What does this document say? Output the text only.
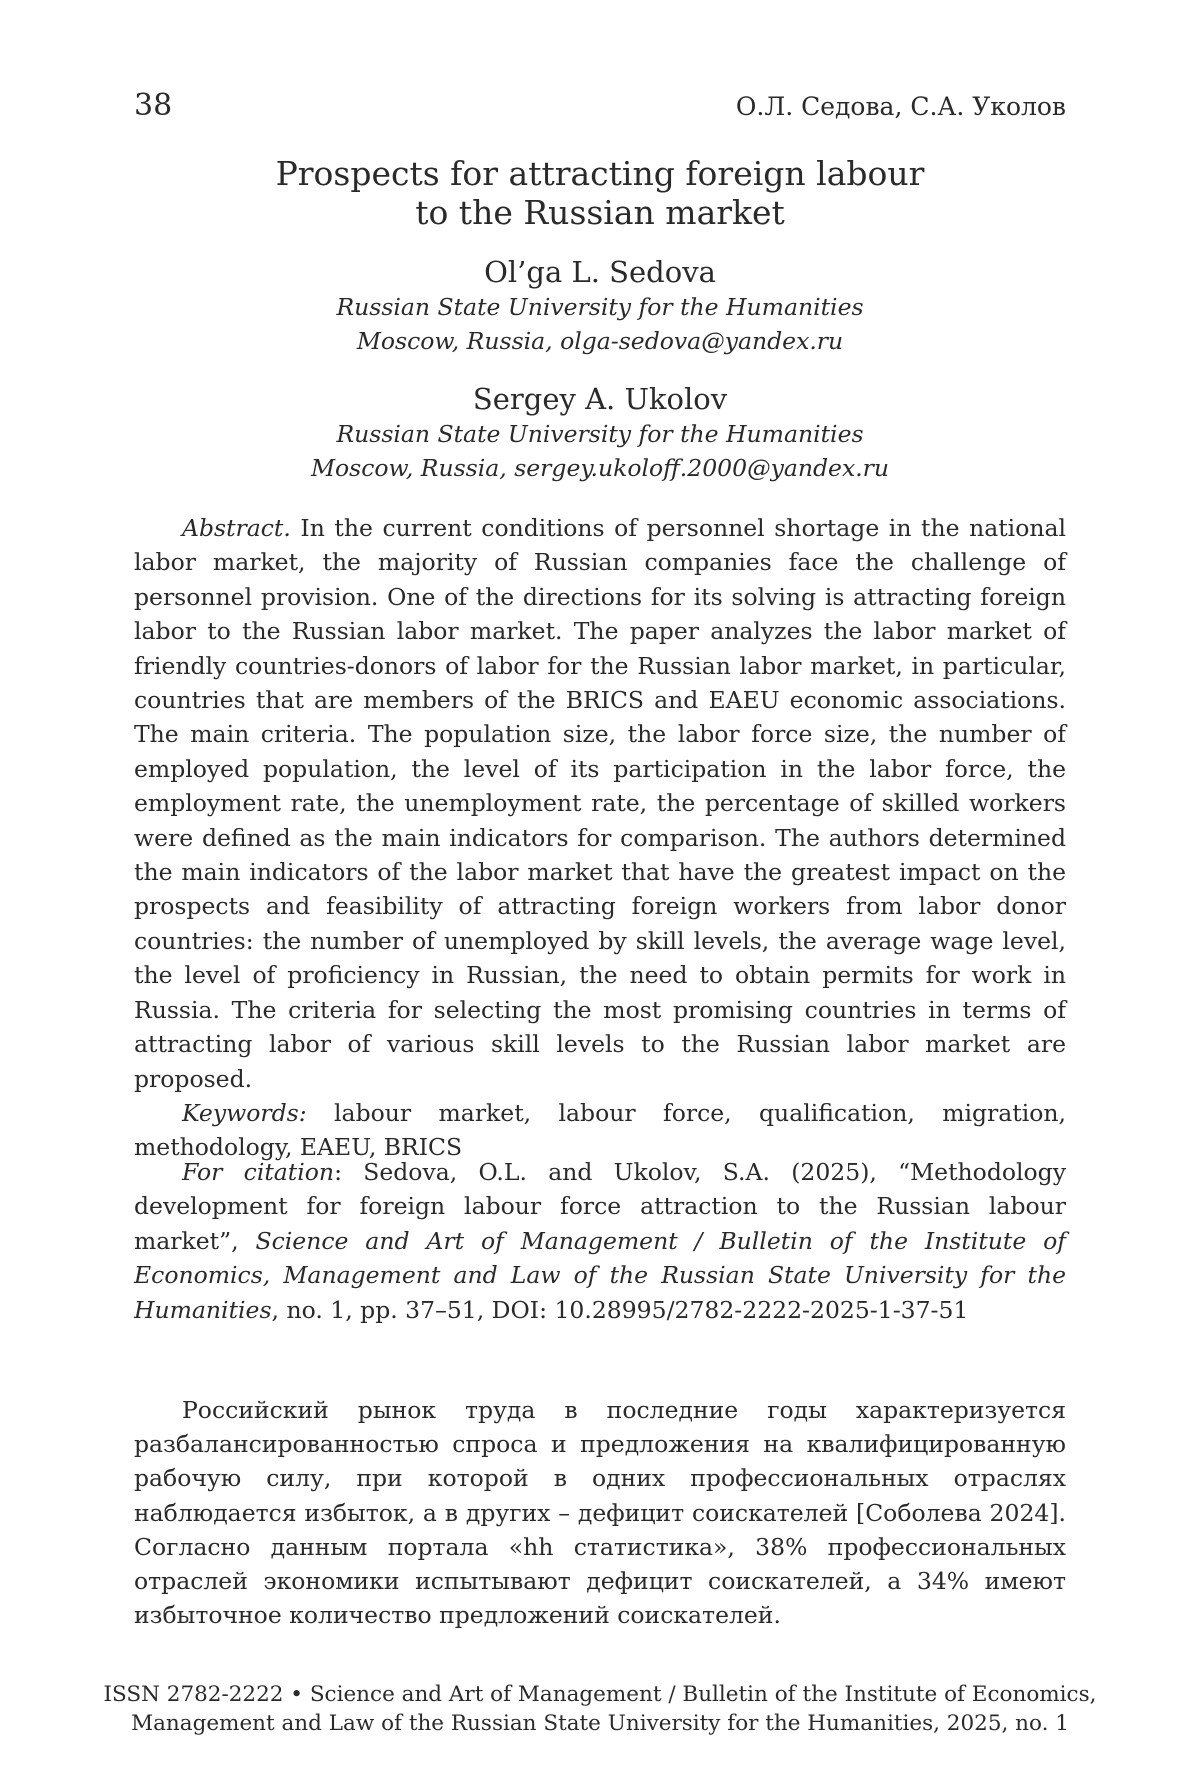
38	О.Л. Седова, С.А. Уколов
Prospects for attracting foreign labour
to the Russian market
Ol’ga L. Sedova
Russian State University for the Humanities
Moscow, Russia, olga-sedova@yandex.ru
Sergey A. Ukolov
Russian State University for the Humanities
Moscow, Russia, sergey.ukoloff.2000@yandex.ru

Abstract. In the current conditions of personnel shortage in the national labor market, the majority of Russian companies face the challenge of personnel provision. One of the directions for its solving is attracting foreign labor to the Russian labor market. The paper analyzes the labor market of friendly countries-donors of labor for the Russian labor market, in particular, countries that are members of the BRICS and EAEU economic associations. The main criteria. The population size, the labor force size, the number of employed population, the level of its participation in the labor force, the employment rate, the unemployment rate, the percentage of skilled workers were defined as the main indicators for comparison. The authors determined the main indicators of the labor market that have the greatest impact on the prospects and feasibility of attracting foreign workers from labor donor countries: the number of unemployed by skill levels, the average wage level, the level of proficiency in Russian, the need to obtain permits for work in Russia. The criteria for selecting the most promising countries in terms of attracting labor of various skill levels to the Russian labor market are proposed.

Keywords: labour market, labour force, qualification, migration, methodology, EAEU, BRICS

For citation: Sedova, O.L. and Ukolov, S.A. (2025), “Methodology development for foreign labour force attraction to the Russian labour market”, Science and Art of Management / Bulletin of the Institute of Economics, Management and Law of the Russian State University for the Humanities, no. 1, pp. 37–51, DOI: 10.28995/2782-2222-2025-1-37-51

Российский рынок труда в последние годы характеризуется разбалансированностью спроса и предложения на квалифицированную рабочую силу, при которой в одних профессиональных отраслях наблюдается избыток, а в других – дефицит соискателей [Соболева 2024]. Согласно данным портала «hh статистика», 38% профессиональных отраслей экономики испытывают дефицит соискателей, а 34% имеют избыточное количество предложений соискателей.

ISSN 2782-2222 • Science and Art of Management / Bulletin of the Institute of Economics,
Management and Law of the Russian State University for the Humanities, 2025, no. 1
